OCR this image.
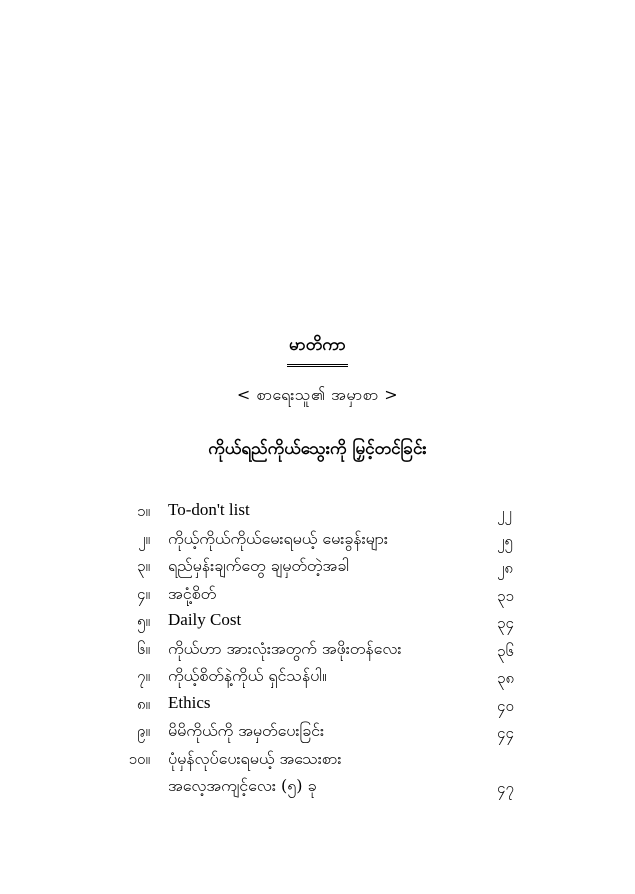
မာတိကာ
< စာရေးသူ၏ အမှာစာ >
ကိုယ်ရည်ကိုယ်သွေးကို မြှင့်တင်ခြင်း
၁။ To-don't list	၂၂
၂။ ကိုယ့်ကိုယ်ကိုယ်မေးရမယ့် မေးခွန်းများ	၂၅
၃။ ရည်မှန်းချက်တွေ ချမှတ်တဲ့အခါ	၂၈
၄။ အငုံ့စိတ်	၃၁
၅။ Daily Cost	၃၄
၆။ ကိုယ်ဟာ အားလုံးအတွက် အဖိုးတန်လေး	၃၆
၇။ ကိုယ့်စိတ်နဲ့ကိုယ် ရှင်သန်ပါ။	၃၈
၈။ Ethics	၄၀
၉။ မိမိကိုယ်ကို အမှတ်ပေးခြင်း	၄၄
၁၀။ ပုံမှန်လုပ်ပေးရမယ့် အသေးစား
အလေ့အကျင့်လေး (၅) ခု	၄၇
